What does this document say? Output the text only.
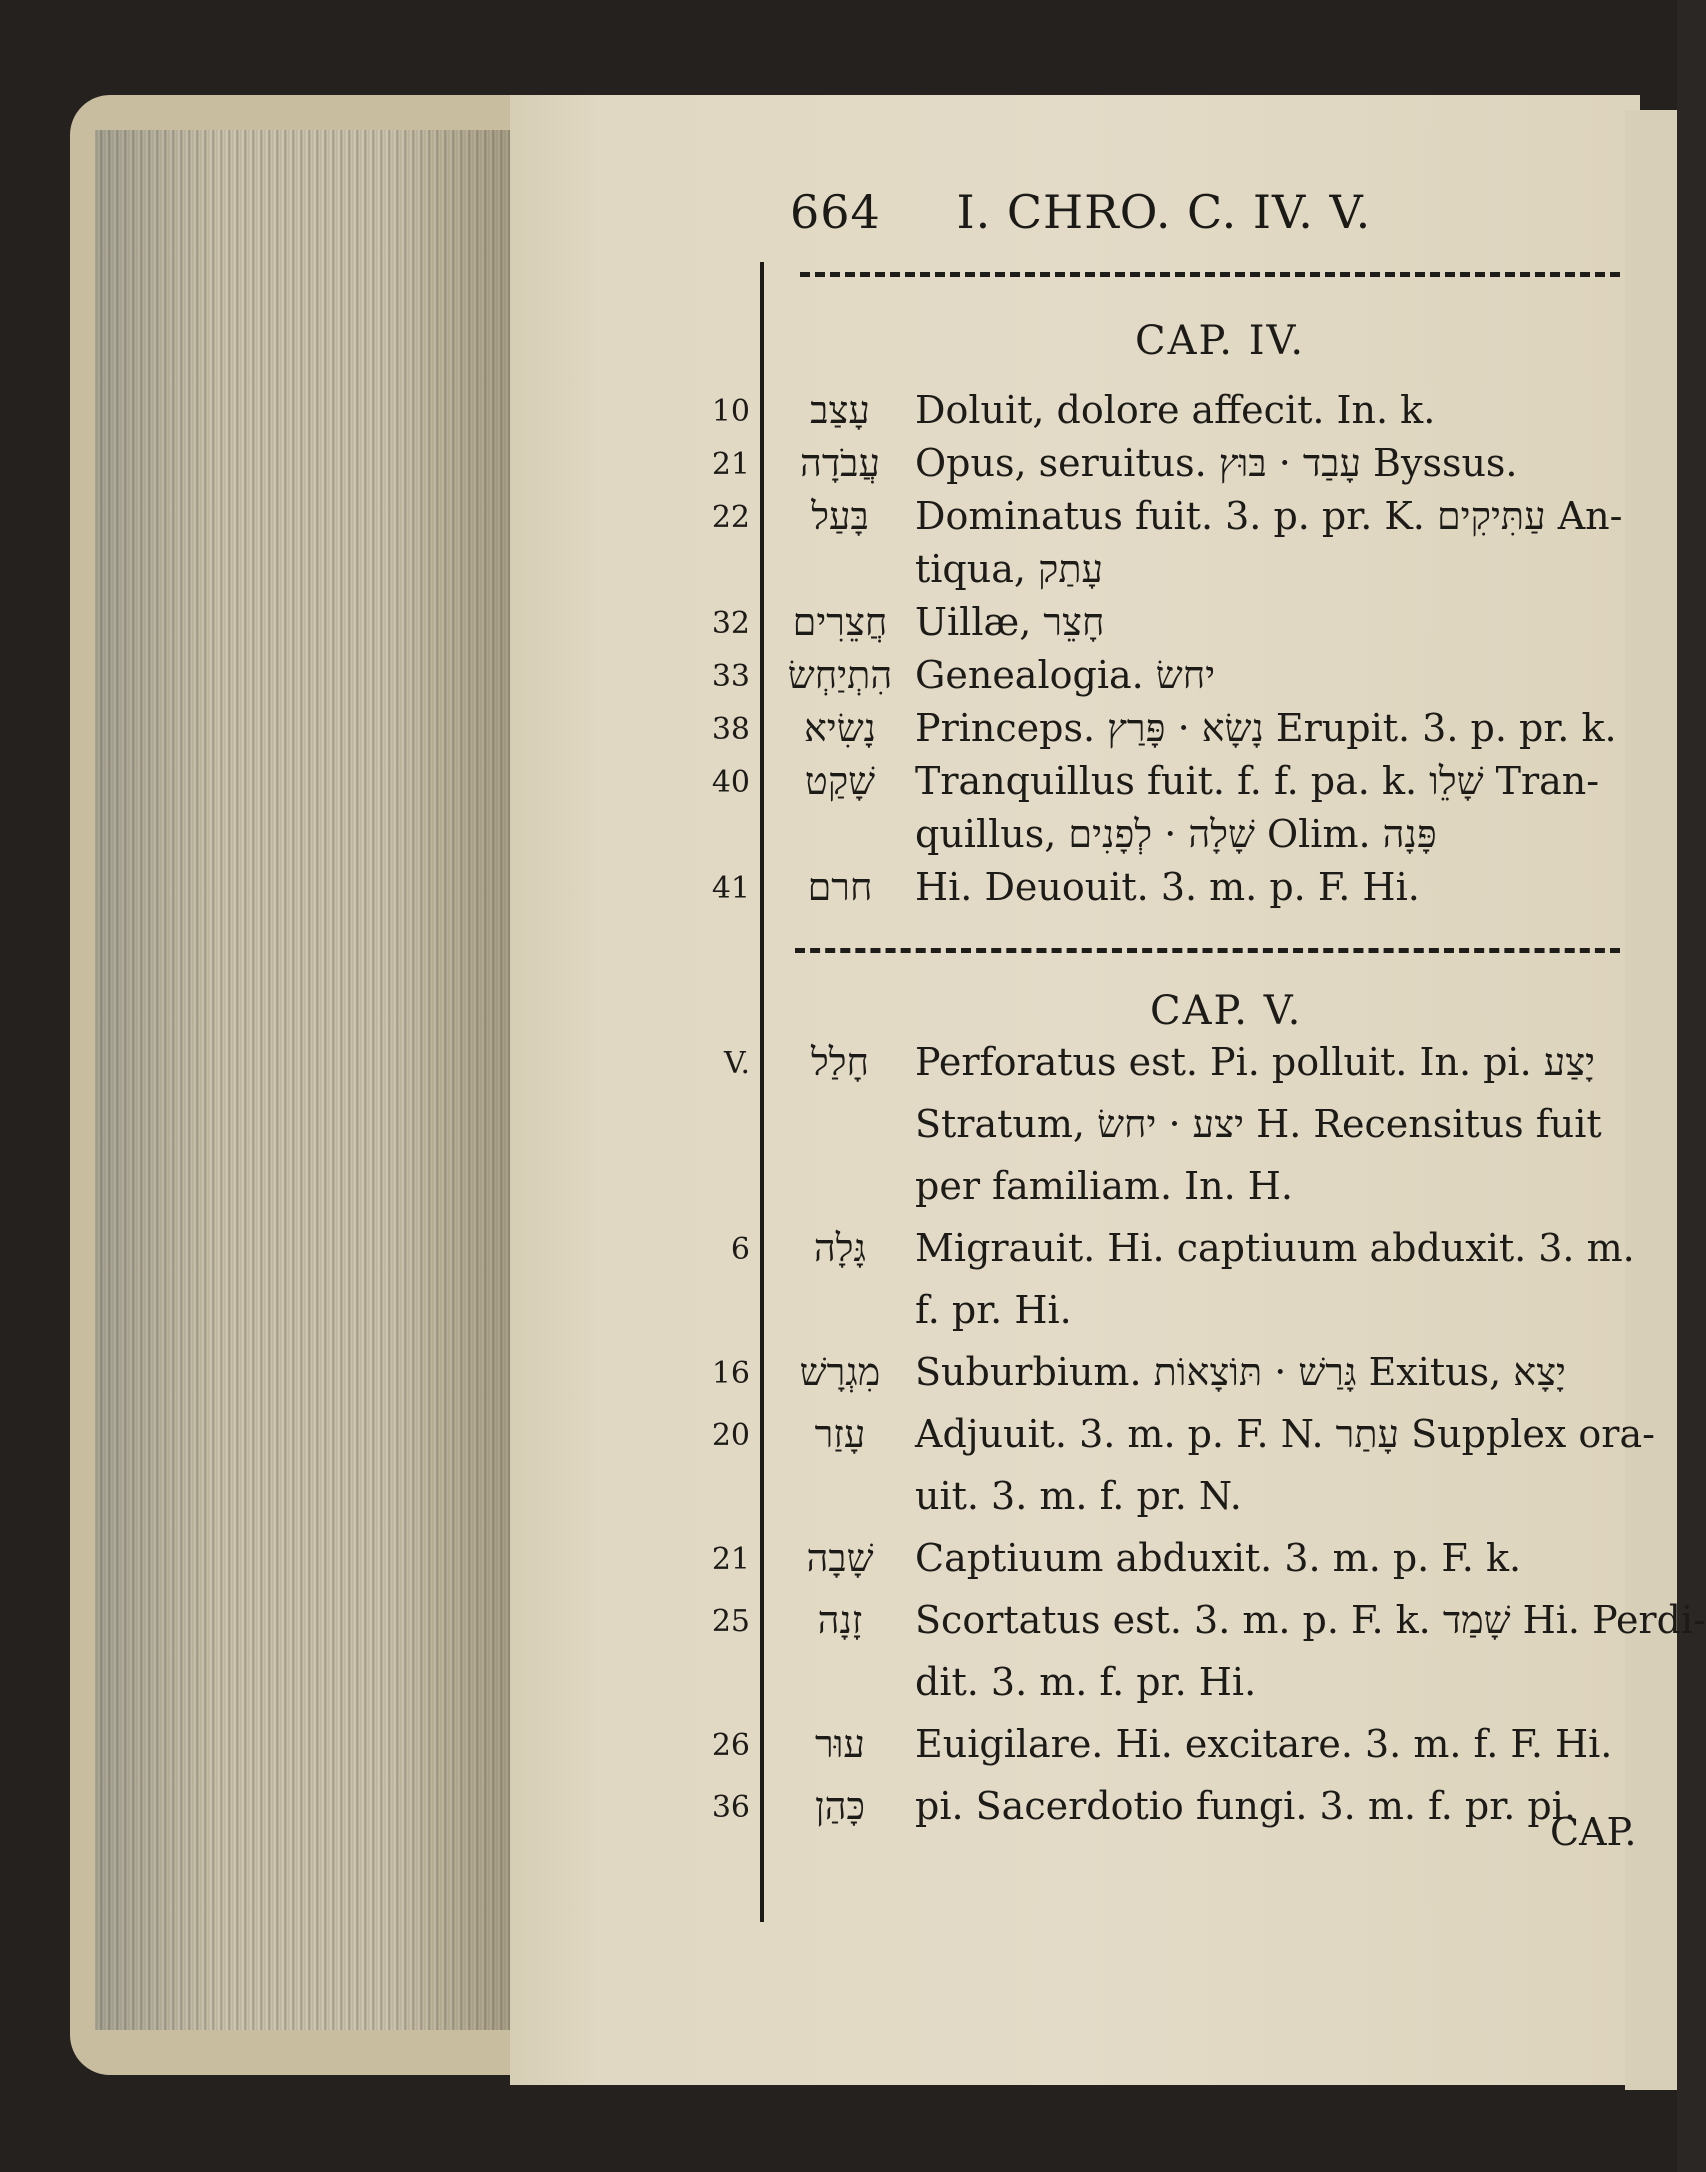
664 I. CHRO. C. IV. V.
CAP. IV.
10	עָצַב	Doluit, dolore affecit. In. k.
21	עֲבֹדָה Opus, seruitus. עָבַד · בּוּץ Byssus.
22	בָּעַל	Dominatus fuit. 3. p. pr. K. עַתִּיקִים An-
tiqua, עָתַק
32	חֲצֵרִים Uillæ, חָצֵר
33 הִתְיַחְשׂ Genealogia. יחשׂ
38	נָשִׂיא	Princeps. נָשָׂא · פָּרַץ Erupit. 3. p. pr. k.
40	שָׁקַט	Tranquillus fuit. f. f. pa. k. שָׁלֵו Tran-
quillus, שָׁלָה · לְפָנִים Olim. פָּנָה
41	חרם	Hi. Deuouit. 3. m. p. F. Hi.
CAP. V.
V.	חָלַל	Perforatus est. Pi. polluit. In. pi. יָצַע
Stratum, יצע · יחשׂ H. Recensitus fuit
per familiam. In. H.
6	גָּלָה	Migrauit. Hi. captiuum abduxit. 3. m.
f. pr. Hi.
16	מִגְרָשׁ Suburbium. גָּרַשׁ · תּוֹצָאוֹת Exitus, יָצָא
20	עָזַר	Adjuuit. 3. m. p. F. N. עָתַר Supplex ora-
uit. 3. m. f. pr. N.
21	שָׁבָה	Captiuum abduxit. 3. m. p. F. k.
25	זָנָה	Scortatus est. 3. m. p. F. k. שָׁמַד Hi. Perdi-
dit. 3. m. f. pr. Hi.
26	עוּר	Euigilare. Hi. excitare. 3. m. f. F. Hi.
36	כָּהַן	pi. Sacerdotio fungi. 3. m. f. pr. pi.
CAP.
